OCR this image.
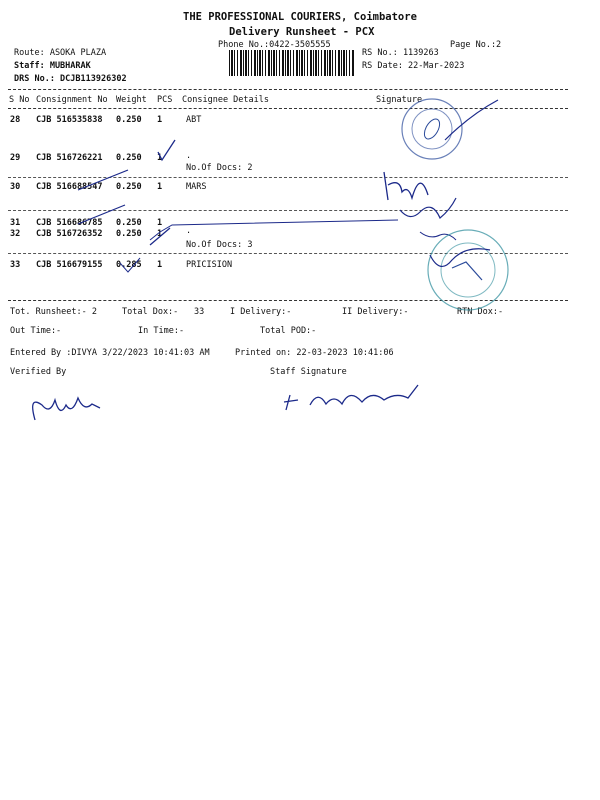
THE PROFESSIONAL COURIERS, Coimbatore
Delivery Runsheet - PCX
Phone No.:0422-3505555	Page No.:2
Route: ASOKA PLAZA
Staff: MUBHARAK
DRS No.: DCJB113926302
RS No.: 1139263
RS Date: 22-Mar-2023
S No Consignment No Weight PCS Consignee Details	Signature
28 CJB 516535838 0.250 1	ABT
29 CJB 516726221 0.250 1	.
No.Of Docs: 2
30 CJB 516688547 0.250 1	MARS
31 CJB 516686785 0.250 1
32 CJB 516726352 0.250 1	.
No.Of Docs: 3
33 CJB 516679155 0.285 1	PRICISION
Tot. Runsheet:- 2	Total Dox:- 33	I Delivery:-	II Delivery:-	RTN Dox:-
Out Time:-	In Time:-	Total POD:-
Entered By :DIVYA 3/22/2023 10:41:03 AM	Printed on: 22-03-2023 10:41:06
Verified By	Staff Signature
